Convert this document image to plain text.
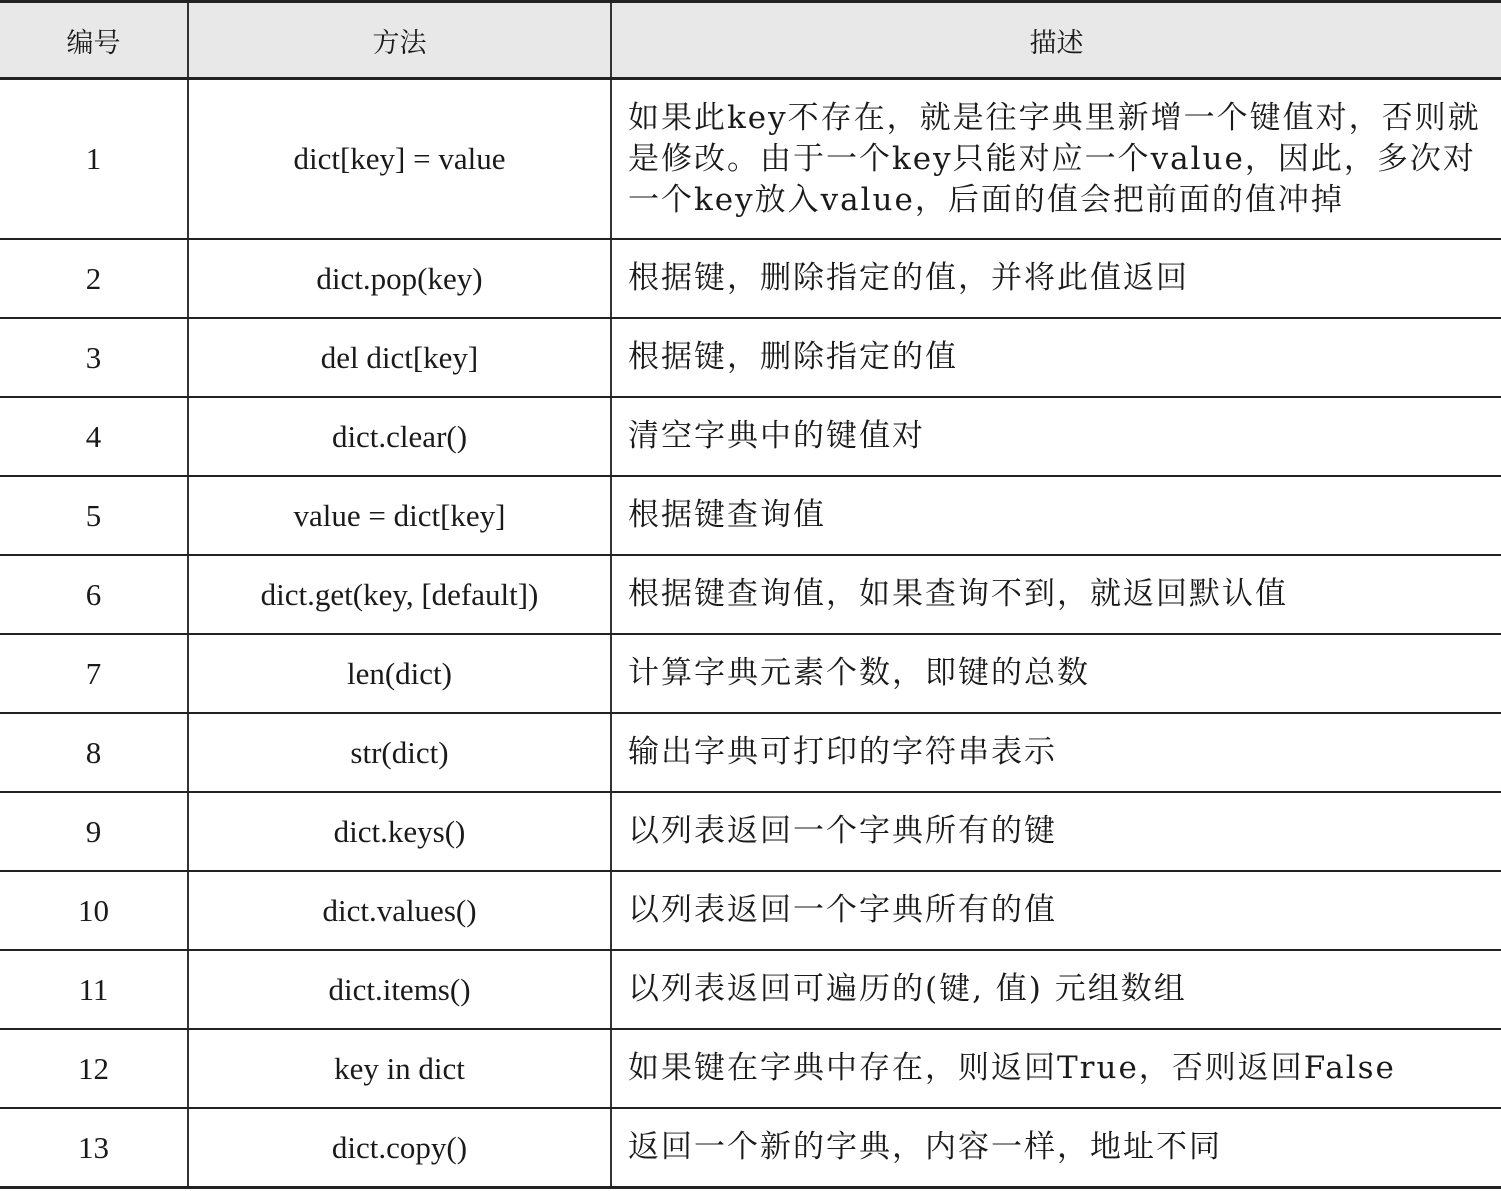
编号	方法	描述
1	dict[key] = value	如果此key不存在，就是往字典里新增一个键值对，否则就是修改。由于一个key只能对应一个value，因此，多次对一个key放入value，后面的值会把前面的值冲掉
2	dict.pop(key)	根据键，删除指定的值，并将此值返回
3	del dict[key]	根据键，删除指定的值
4	dict.clear()	清空字典中的键值对
5	value = dict[key]	根据键查询值
6	dict.get(key, [default])	根据键查询值，如果查询不到，就返回默认值
7	len(dict)	计算字典元素个数，即键的总数
8	str(dict)	输出字典可打印的字符串表示
9	dict.keys()	以列表返回一个字典所有的键
10	dict.values()	以列表返回一个字典所有的值
11	dict.items()	以列表返回可遍历的(键, 值) 元组数组
12	key in dict	如果键在字典中存在，则返回True，否则返回False
13	dict.copy()	返回一个新的字典，内容一样，地址不同
